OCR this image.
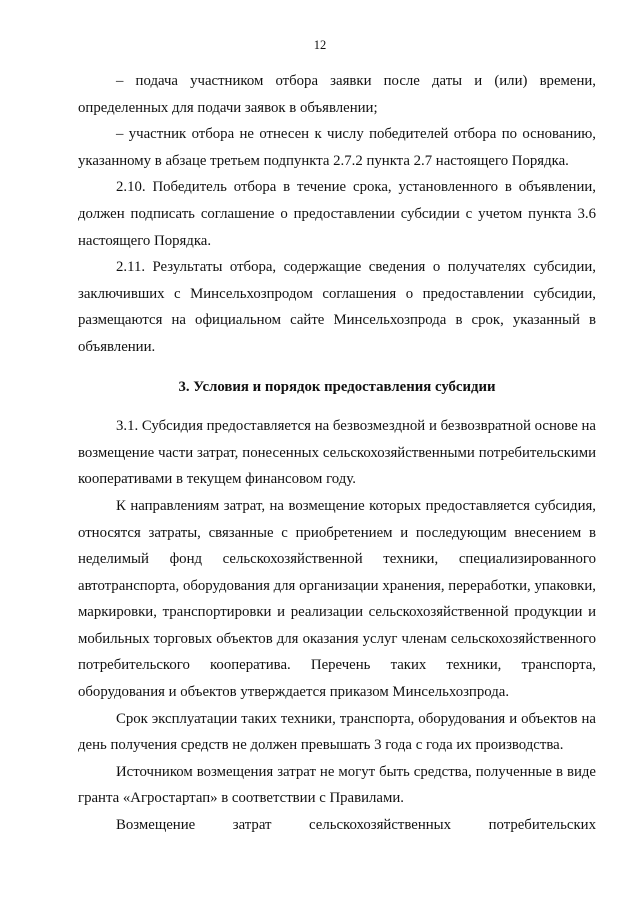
12

– подача участником отбора заявки после даты и (или) времени, определенных для подачи заявок в объявлении;

– участник отбора не отнесен к числу победителей отбора по основанию, указанному в абзаце третьем подпункта 2.7.2 пункта 2.7 настоящего Порядка.

2.10. Победитель отбора в течение срока, установленного в объявлении, должен подписать соглашение о предоставлении субсидии с учетом пункта 3.6 настоящего Порядка.

2.11. Результаты отбора, содержащие сведения о получателях субсидии, заключивших с Минсельхозпродом соглашения о предоставлении субсидии, размещаются на официальном сайте Минсельхозпрода в срок, указанный в объявлении.

3. Условия и порядок предоставления субсидии

3.1. Субсидия предоставляется на безвозмездной и безвозвратной основе на возмещение части затрат, понесенных сельскохозяйственными потребительскими кооперативами в текущем финансовом году.

К направлениям затрат, на возмещение которых предоставляется субсидия, относятся затраты, связанные с приобретением и последующим внесением в неделимый фонд сельскохозяйственной техники, специализированного автотранспорта, оборудования для организации хранения, переработки, упаковки, маркировки, транспортировки и реализации сельскохозяйственной продукции и мобильных торговых объектов для оказания услуг членам сельскохозяйственного потребительского кооператива. Перечень таких техники, транспорта, оборудования и объектов утверждается приказом Минсельхозпрода.

Срок эксплуатации таких техники, транспорта, оборудования и объектов на день получения средств не должен превышать 3 года с года их производства.

Источником возмещения затрат не могут быть средства, полученные в виде гранта «Агростартап» в соответствии с Правилами.

Возмещение затрат сельскохозяйственных потребительских
